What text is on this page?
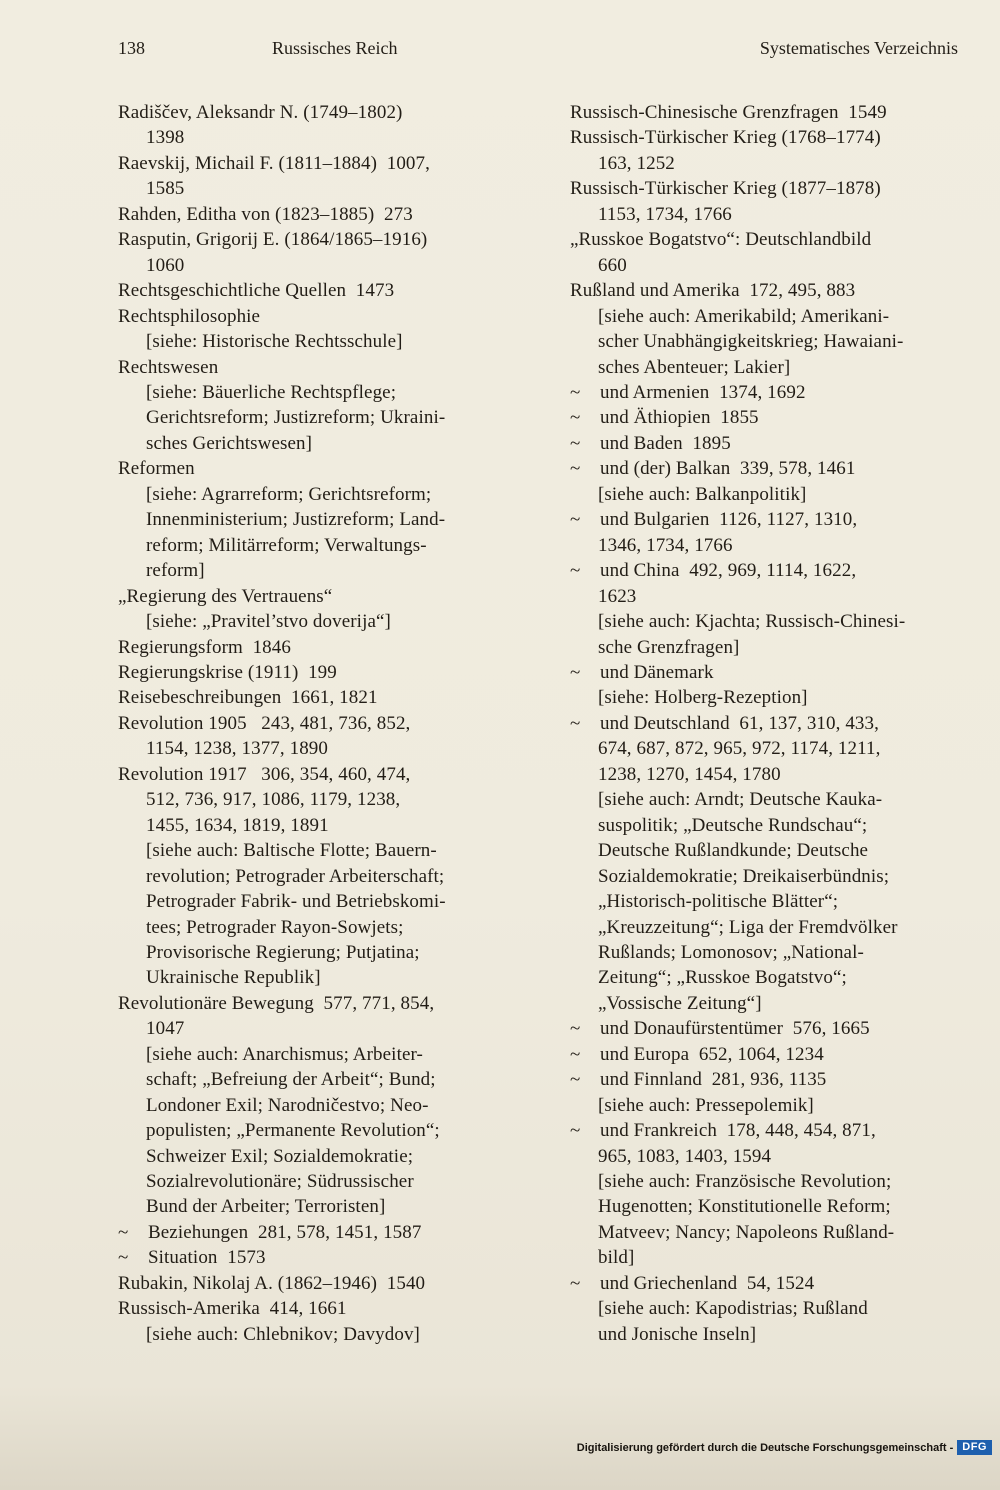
138	Russisches Reich	Systematisches Verzeichnis
Radiščev, Aleksandr N. (1749–1802)
1398
Raevskij, Michail F. (1811–1884)  1007,
1585
Rahden, Editha von (1823–1885)  273
Rasputin, Grigorij E. (1864/1865–1916)
1060
Rechtsgeschichtliche Quellen  1473
Rechtsphilosophie
[siehe: Historische Rechtsschule]
Rechtswesen
[siehe: Bäuerliche Rechtspflege;
Gerichtsreform; Justizreform; Ukraini-
sches Gerichtswesen]
Reformen
[siehe: Agrarreform; Gerichtsreform;
Innenministerium; Justizreform; Land-
reform; Militärreform; Verwaltungs-
reform]
„Regierung des Vertrauens“
[siehe: „Pravitel’stvo doverija“]
Regierungsform  1846
Regierungskrise (1911)  199
Reisebeschreibungen  1661, 1821
Revolution 1905   243, 481, 736, 852,
1154, 1238, 1377, 1890
Revolution 1917   306, 354, 460, 474,
512, 736, 917, 1086, 1179, 1238,
1455, 1634, 1819, 1891
[siehe auch: Baltische Flotte; Bauern-
revolution; Petrograder Arbeiterschaft;
Petrograder Fabrik- und Betriebskomi-
tees; Petrograder Rayon-Sowjets;
Provisorische Regierung; Putjatina;
Ukrainische Republik]
Revolutionäre Bewegung  577, 771, 854,
1047
[siehe auch: Anarchismus; Arbeiter-
schaft; „Befreiung der Arbeit“; Bund;
Londoner Exil; Narodničestvo; Neo-
populisten; „Permanente Revolution“;
Schweizer Exil; Sozialdemokratie;
Sozialrevolutionäre; Südrussischer
Bund der Arbeiter; Terroristen]
~ Beziehungen  281, 578, 1451, 1587
~ Situation  1573
Rubakin, Nikolaj A. (1862–1946)  1540
Russisch-Amerika  414, 1661
[siehe auch: Chlebnikov; Davydov]
Russisch-Chinesische Grenzfragen  1549
Russisch-Türkischer Krieg (1768–1774)
163, 1252
Russisch-Türkischer Krieg (1877–1878)
1153, 1734, 1766
„Russkoe Bogatstvo“: Deutschlandbild
660
Rußland und Amerika  172, 495, 883
[siehe auch: Amerikabild; Amerikani-
scher Unabhängigkeitskrieg; Hawaiani-
sches Abenteuer; Lakier]
~ und Armenien  1374, 1692
~ und Äthiopien  1855
~ und Baden  1895
~ und (der) Balkan  339, 578, 1461
[siehe auch: Balkanpolitik]
~ und Bulgarien  1126, 1127, 1310,
1346, 1734, 1766
~ und China  492, 969, 1114, 1622,
1623
[siehe auch: Kjachta; Russisch-Chinesi-
sche Grenzfragen]
~ und Dänemark
[siehe: Holberg-Rezeption]
~ und Deutschland  61, 137, 310, 433,
674, 687, 872, 965, 972, 1174, 1211,
1238, 1270, 1454, 1780
[siehe auch: Arndt; Deutsche Kauka-
suspolitik; „Deutsche Rundschau“;
Deutsche Rußlandkunde; Deutsche
Sozialdemokratie; Dreikaiserbündnis;
„Historisch-politische Blätter“;
„Kreuzzeitung“; Liga der Fremdvölker
Rußlands; Lomonosov; „National-
Zeitung“; „Russkoe Bogatstvo“;
„Vossische Zeitung“]
~ und Donaufürstentümer  576, 1665
~ und Europa  652, 1064, 1234
~ und Finnland  281, 936, 1135
[siehe auch: Pressepolemik]
~ und Frankreich  178, 448, 454, 871,
965, 1083, 1403, 1594
[siehe auch: Französische Revolution;
Hugenotten; Konstitutionelle Reform;
Matveev; Nancy; Napoleons Rußland-
bild]
~ und Griechenland  54, 1524
[siehe auch: Kapodistrias; Rußland
und Jonische Inseln]
Digitalisierung gefördert durch die Deutsche Forschungsgemeinschaft - DFG
